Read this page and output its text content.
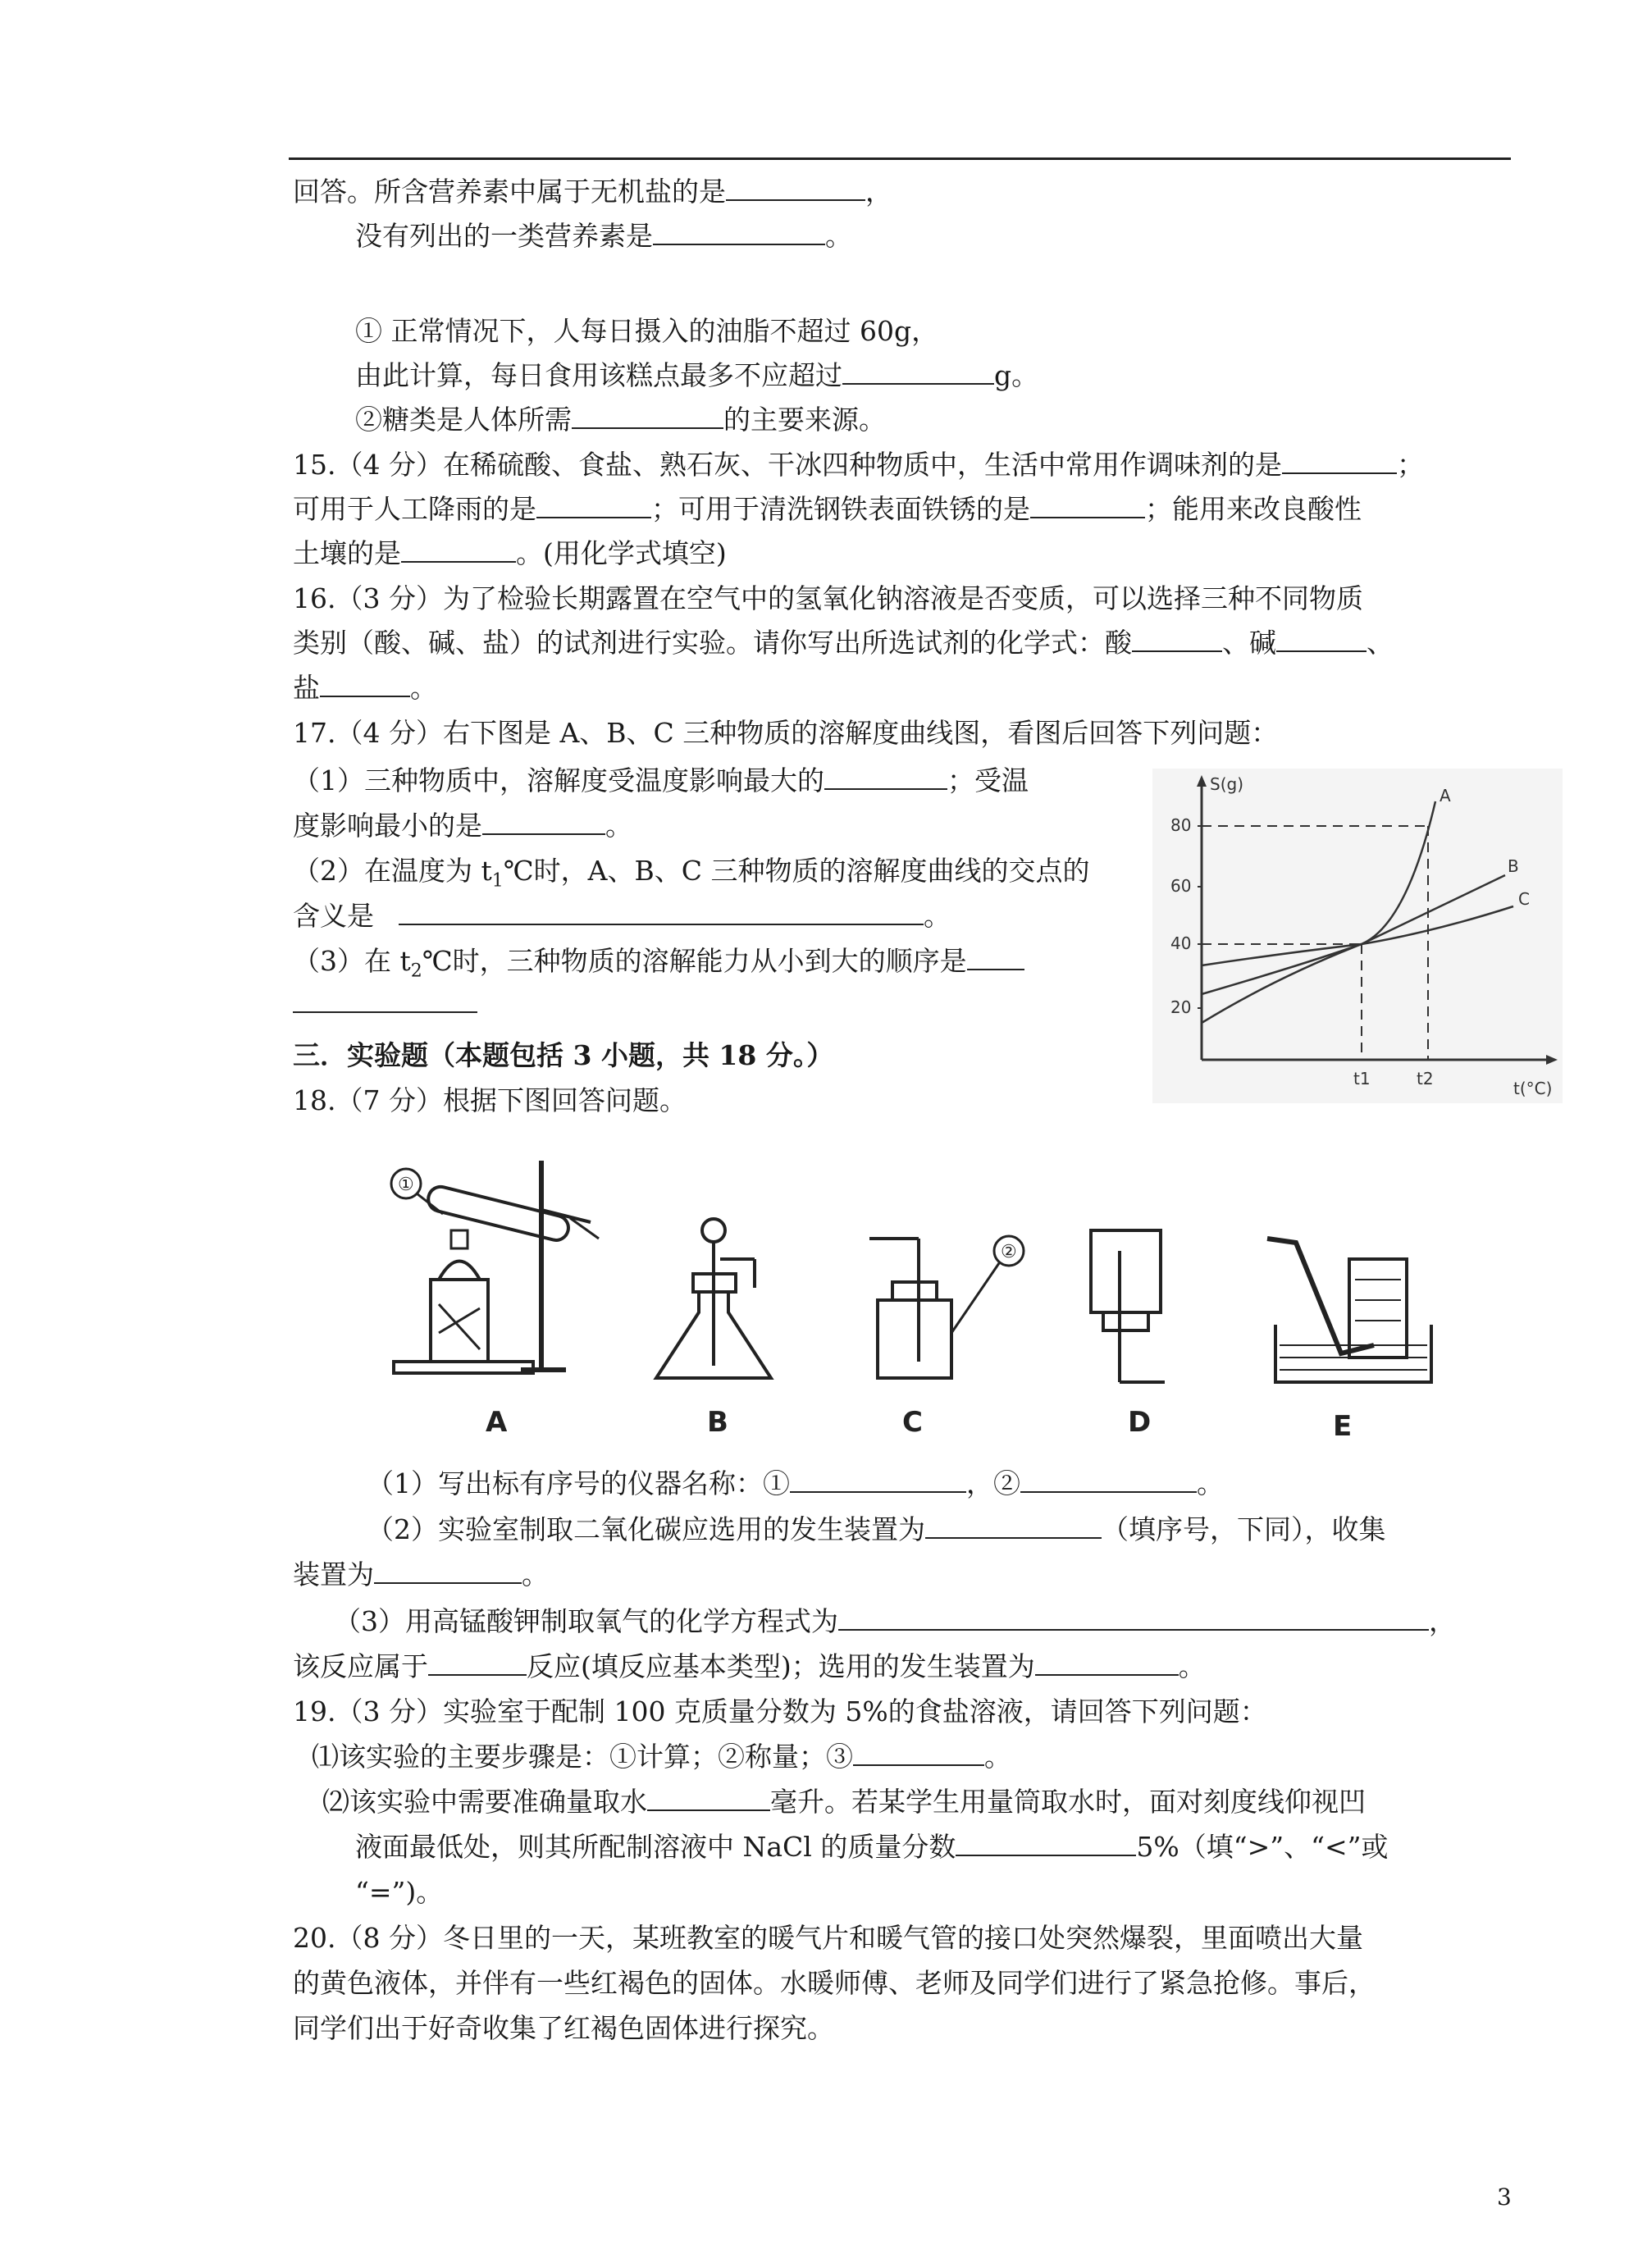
回答。所含营养素中属于无机盐的是	，
没有列出的一类营养素是	。
① 正常情况下，人每日摄入的油脂不超过 60g，
由此计算，每日食用该糕点最多不应超过	g。
②糖类是人体所需	的主要来源。
15.（4 分）在稀硫酸、食盐、熟石灰、干冰四种物质中，生活中常用作调味剂的是	；
可用于人工降雨的是	；可用于清洗钢铁表面铁锈的是	；能用来改良酸性
土壤的是	。(用化学式填空)
16.（3 分）为了检验长期露置在空气中的氢氧化钠溶液是否变质，可以选择三种不同物质
类别（酸、碱、盐）的试剂进行实验。请你写出所选试剂的化学式：酸	、碱	、
盐	。
17.（4 分）右下图是 A、B、C 三种物质的溶解度曲线图，看图后回答下列问题：
（1）三种物质中，溶解度受温度影响最大的	；受温
度影响最小的是	。
（2）在温度为 $t_1℃$时，A、B、C 三种物质的溶解度曲线的交点的
含义是	。
（3）在 $t_2℃$时，三种物质的溶解能力从小到大的顺序是
S(g)
t(°C)
20
40
60
80
t1	t2
A
B
C
三．实验题（本题包括 3 小题，共 18 分。）
18.（7 分）根据下图回答问题。
①
B
A
②
C	D	E
（1）写出标有序号的仪器名称：①	，②	。
（2）实验室制取二氧化碳应选用的发生装置为	（填序号，下同），收集
装置为	。
（3）用高锰酸钾制取氧气的化学方程式为	，
该反应属于	反应(填反应基本类型)；选用的发生装置为	。
19.（3 分）实验室于配制 100 克质量分数为 5%的食盐溶液，请回答下列问题：
⑴该实验的主要步骤是：①计算；②称量；③	。
⑵该实验中需要准确量取水	毫升。若某学生用量筒取水时，面对刻度线仰视凹
液面最低处，则其所配制溶液中 NaCl 的质量分数	5%（填“>”、“<”或
“=”)。
20.（8 分）冬日里的一天，某班教室的暖气片和暖气管的接口处突然爆裂，里面喷出大量
的黄色液体，并伴有一些红褐色的固体。水暖师傅、老师及同学们进行了紧急抢修。事后，
同学们出于好奇收集了红褐色固体进行探究。
3
